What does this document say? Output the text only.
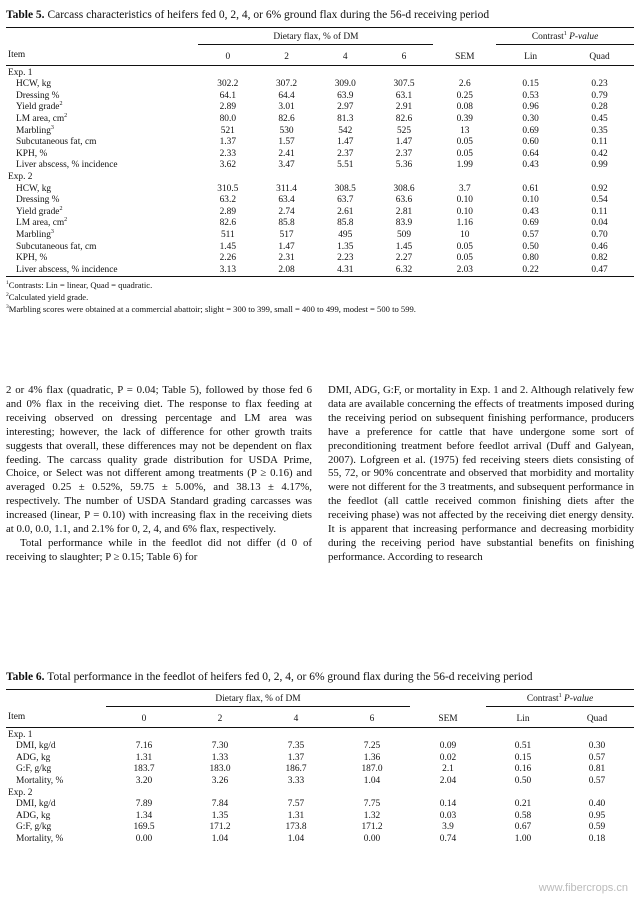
Table 5. Carcass characteristics of heifers fed 0, 2, 4, or 6% ground flax during the 56-d receiving period
	Dietary flax, % of DM					Contrast$^1$ P-value	
Item	0	2	4	6	SEM	Lin	Quad
Exp. 1							
HCW, kg	302.2	307.2	309.0	307.5	2.6	0.15	0.23
Dressing %	64.1	64.4	63.9	63.1	0.25	0.53	0.79
Yield grade$^2$	2.89	3.01	2.97	2.91	0.08	0.96	0.28
LM area, $cm^2$	80.0	82.6	81.3	82.6	0.39	0.30	0.45
Marbling$^3$	521	530	542	525	13	0.69	0.35
Subcutaneous fat, cm	1.37	1.57	1.47	1.47	0.05	0.60	0.11
KPH, %	2.33	2.41	2.37	2.37	0.05	0.64	0.42
Liver abscess, % incidence	3.62	3.47	5.51	5.36	1.99	0.43	0.99
Exp. 2							
HCW, kg	310.5	311.4	308.5	308.6	3.7	0.61	0.92
Dressing %	63.2	63.4	63.7	63.6	0.10	0.10	0.54
Yield grade$^2$	2.89	2.74	2.61	2.81	0.10	0.43	0.11
LM area, $cm^2$	82.6	85.8	85.8	83.9	1.16	0.69	0.04
Marbling$^3$	511	517	495	509	10	0.57	0.70
Subcutaneous fat, cm	1.45	1.47	1.35	1.45	0.05	0.50	0.46
KPH, %	2.26	2.31	2.23	2.27	0.05	0.80	0.82
Liver abscess, % incidence	3.13	2.08	4.31	6.32	2.03	0.22	0.47
$^1$Contrasts: Lin = linear, Quad = quadratic.
$^2$Calculated yield grade.
$^3$Marbling scores were obtained at a commercial abattoir; slight = 300 to 399, small = 400 to 499, modest = 500 to 599.

2 or 4% flax (quadratic, P = 0.04; Table 5), followed by those fed 6 and 0% flax in the receiving diet. The response to flax feeding at receiving observed on dressing percentage and LM area was interesting; however, the lack of difference for other growth traits suggests that overall, these differences may not be dependent on flax feeding. The carcass quality grade distribution for USDA Prime, Choice, or Select was not different among treatments (P ≥ 0.16) and averaged 0.25 ± 0.52%, 59.75 ± 5.00%, and 38.13 ± 4.17%, respectively. The number of USDA Standard grading carcasses was increased (linear, P = 0.10) with increasing flax in the receiving diets at 0.0, 0.0, 1.1, and 2.1% for 0, 2, 4, and 6% flax, respectively.

Total performance while in the feedlot did not differ (d 0 of receiving to slaughter; P ≥ 0.15; Table 6) for

DMI, ADG, G:F, or mortality in Exp. 1 and 2. Although relatively few data are available concerning the effects of treatments imposed during the receiving period on subsequent finishing performance, producers have a preference for cattle that have undergone some sort of preconditioning treatment before feedlot arrival (Duff and Galyean, 2007). Lofgreen et al. (1975) fed receiving steers diets consisting of 55, 72, or 90% concentrate and observed that morbidity and mortality were not different for the 3 treatments, and subsequent performance in the feedlot (all cattle received common finishing diets after the receiving phase) was not affected by the receiving diet energy density. It is apparent that increasing performance and decreasing morbidity during the receiving period have substantial benefits on finishing performance. According to research

Table 6. Total performance in the feedlot of heifers fed 0, 2, 4, or 6% ground flax during the 56-d receiving period
	Dietary flax, % of DM					Contrast$^1$ P-value	
Item	0	2	4	6	SEM	Lin	Quad
Exp. 1							
DMI, kg/d	7.16	7.30	7.35	7.25	0.09	0.51	0.30
ADG, kg	1.31	1.33	1.37	1.36	0.02	0.15	0.57
G:F, g/kg	183.7	183.0	186.7	187.0	2.1	0.16	0.81
Mortality, %	3.20	3.26	3.33	1.04	2.04	0.50	0.57
Exp. 2							
DMI, kg/d	7.89	7.84	7.57	7.75	0.14	0.21	0.40
ADG, kg	1.34	1.35	1.31	1.32	0.03	0.58	0.95
G:F, g/kg	169.5	171.2	173.8	171.2	3.9	0.67	0.59
Mortality, %	0.00	1.04	1.04	0.00	0.74	1.00	0.18
www.fibercrops.cn
